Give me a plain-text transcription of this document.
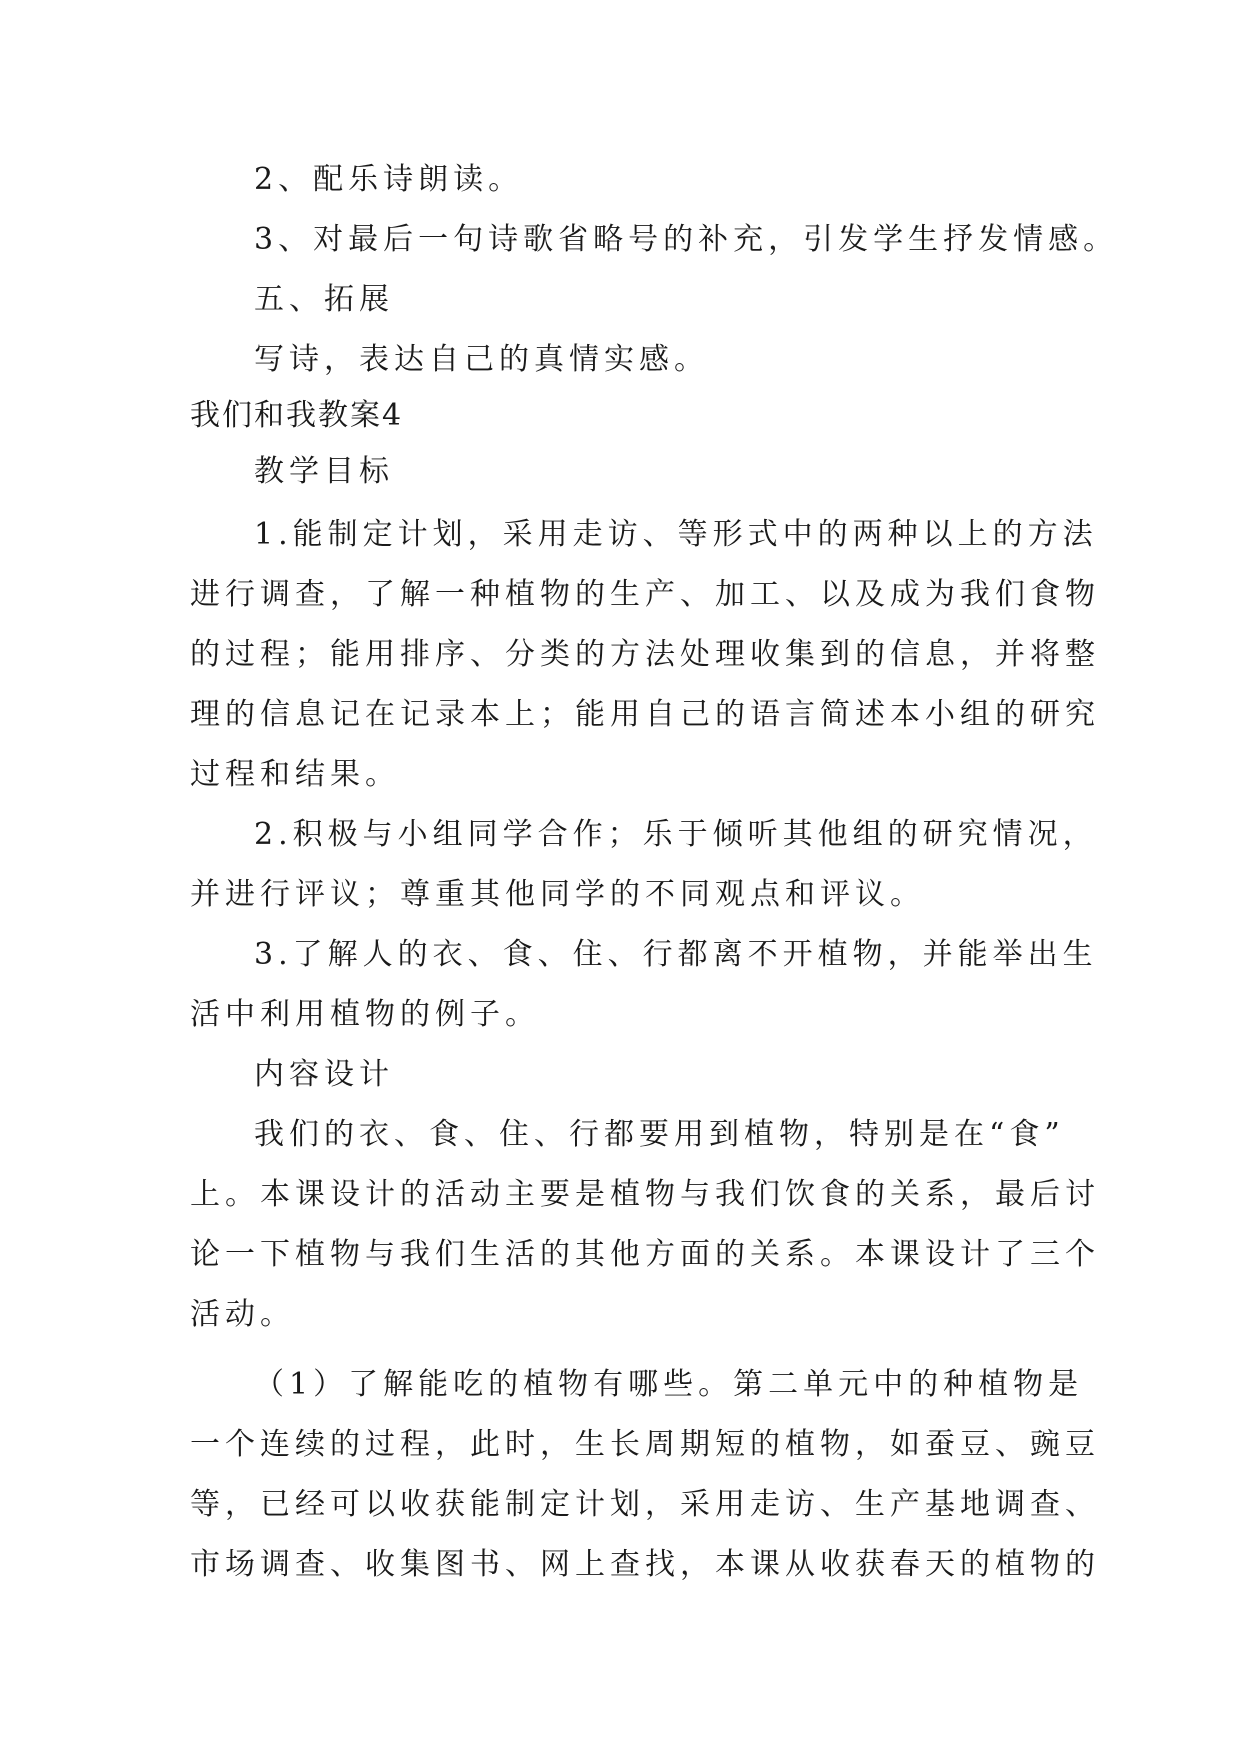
2、配乐诗朗读。
3、对最后一句诗歌省略号的补充，引发学生抒发情感。
五、拓展
写诗，表达自己的真情实感。
我们和我教案4
教学目标
1.能制定计划，采用走访、等形式中的两种以上的方法
进行调查，了解一种植物的生产、加工、以及成为我们食物
的过程；能用排序、分类的方法处理收集到的信息，并将整
理的信息记在记录本上；能用自己的语言简述本小组的研究
过程和结果。
2.积极与小组同学合作；乐于倾听其他组的研究情况，
并进行评议；尊重其他同学的不同观点和评议。
3.了解人的衣、食、住、行都离不开植物，并能举出生
活中利用植物的例子。
内容设计
我们的衣、食、住、行都要用到植物，特别是在“食”
上。本课设计的活动主要是植物与我们饮食的关系，最后讨
论一下植物与我们生活的其他方面的关系。本课设计了三个
活动。
（1）了解能吃的植物有哪些。第二单元中的种植物是
一个连续的过程，此时，生长周期短的植物，如蚕豆、豌豆
等，已经可以收获能制定计划，采用走访、生产基地调查、
市场调查、收集图书、网上查找，本课从收获春天的植物的
